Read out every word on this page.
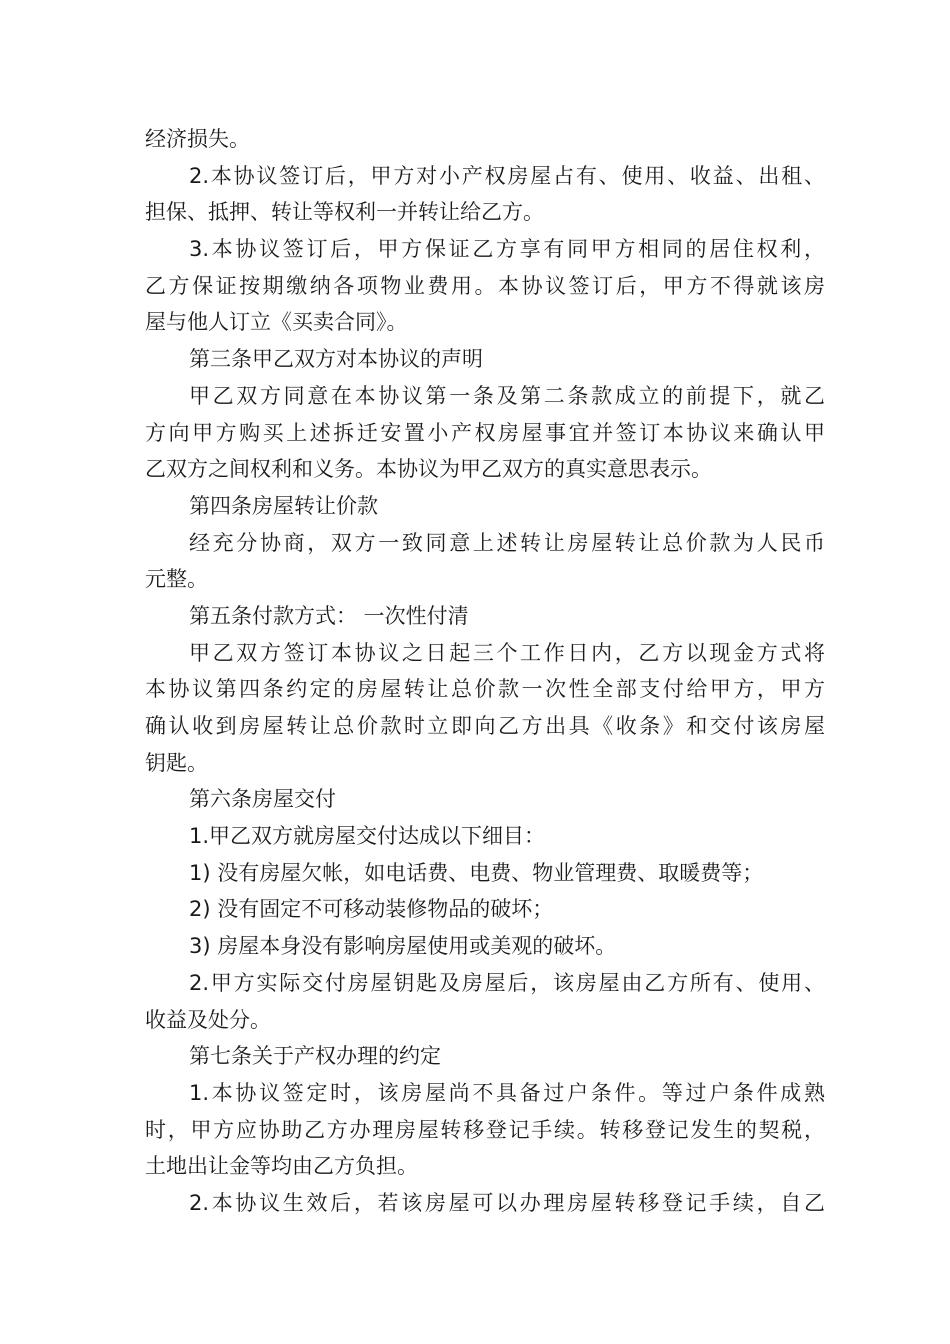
经济损失。

2.本协议签订后，甲方对小产权房屋占有、使用、收益、出租、

担保、抵押、转让等权利一并转让给乙方。

3.本协议签订后，甲方保证乙方享有同甲方相同的居住权利，

乙方保证按期缴纳各项物业费用。本协议签订后，甲方不得就该房

屋与他人订立《买卖合同》。

第三条甲乙双方对本协议的声明

甲乙双方同意在本协议第一条及第二条款成立的前提下，就乙

方向甲方购买上述拆迁安置小产权房屋事宜并签订本协议来确认甲

乙双方之间权利和义务。本协议为甲乙双方的真实意思表示。

第四条房屋转让价款

经充分协商，双方一致同意上述转让房屋转让总价款为人民币

元整。

第五条付款方式： 一次性付清

甲乙双方签订本协议之日起三个工作日内，乙方以现金方式将

本协议第四条约定的房屋转让总价款一次性全部支付给甲方，甲方

确认收到房屋转让总价款时立即向乙方出具《收条》和交付该房屋

钥匙。

第六条房屋交付

1.甲乙双方就房屋交付达成以下细目：

1) 没有房屋欠帐，如电话费、电费、物业管理费、取暖费等；

2) 没有固定不可移动装修物品的破坏；

3) 房屋本身没有影响房屋使用或美观的破坏。

2.甲方实际交付房屋钥匙及房屋后，该房屋由乙方所有、使用、

收益及处分。

第七条关于产权办理的约定

1.本协议签定时，该房屋尚不具备过户条件。等过户条件成熟

时，甲方应协助乙方办理房屋转移登记手续。转移登记发生的契税，

土地出让金等均由乙方负担。

2.本协议生效后，若该房屋可以办理房屋转移登记手续，自乙
